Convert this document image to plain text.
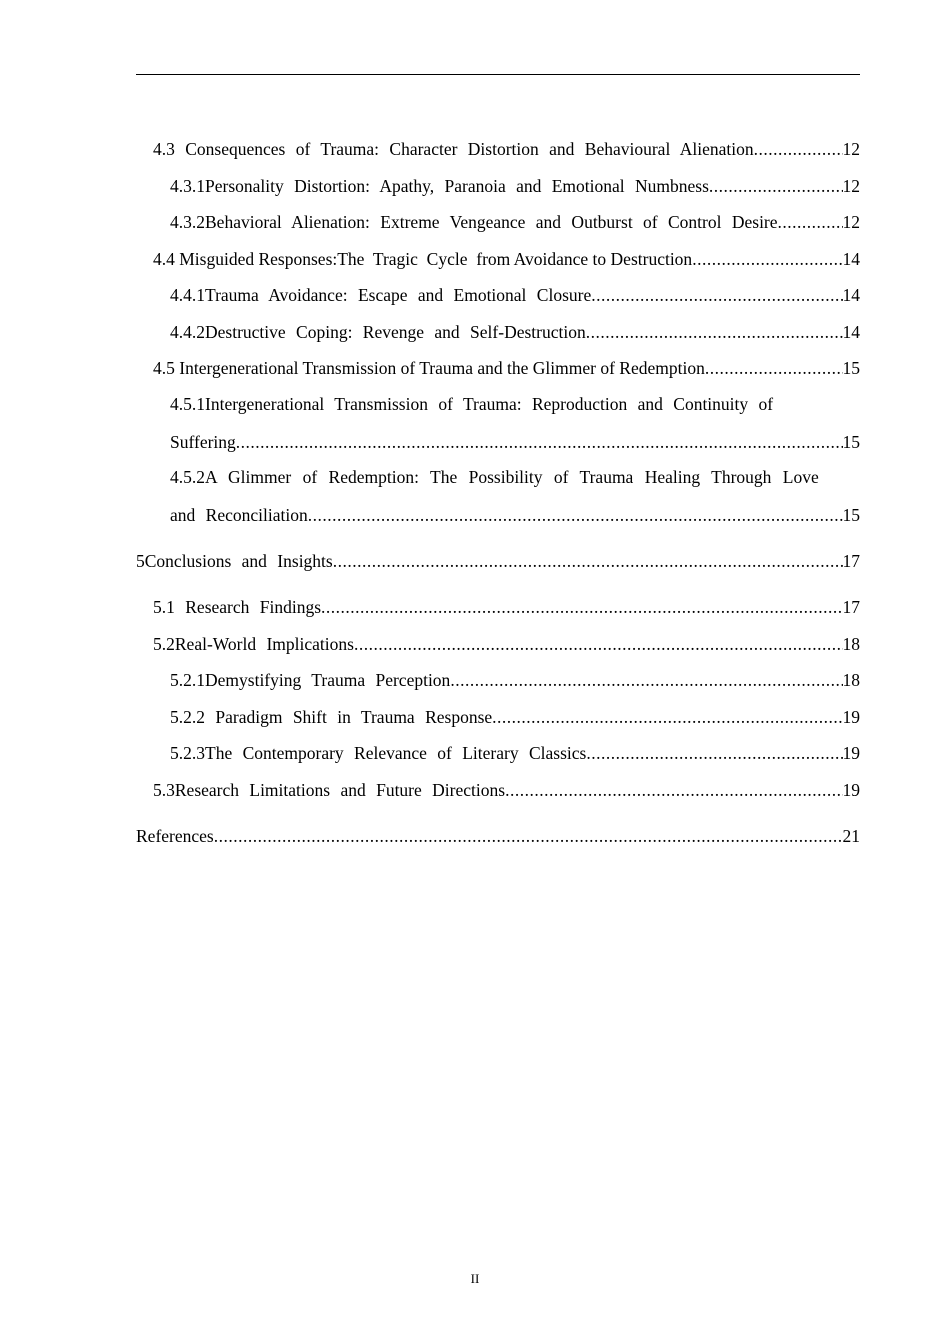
4.3 Consequences of Trauma: Character Distortion and Behavioural Alienation .....	12
4.3.1Personality Distortion: Apathy, Paranoia and Emotional Numbness .....	12
4.3.2Behavioral Alienation: Extreme Vengeance and Outburst of Control Desire .....	12
4.4 Misguided Responses:The  Tragic  Cycle  from Avoidance to Destruction .....	14
4.4.1Trauma Avoidance: Escape and Emotional Closure .....	14
4.4.2Destructive Coping: Revenge and Self-Destruction .....	14
4.5 Intergenerational Transmission of Trauma and the Glimmer of Redemption .....	15
4.5.1Intergenerational Transmission of Trauma: Reproduction and Continuity of
Suffering .....	15
4.5.2A Glimmer of Redemption: The Possibility of Trauma Healing Through Love
and Reconciliation .....	15
5Conclusions and Insights .....	17
5.1 Research Findings .....	17
5.2Real-World Implications .....	18
5.2.1Demystifying Trauma Perception .....	18
5.2.2 Paradigm Shift in Trauma Response .....	19
5.2.3The Contemporary Relevance of Literary Classics .....	19
5.3Research Limitations and Future Directions .....	19
References .....	21
II
